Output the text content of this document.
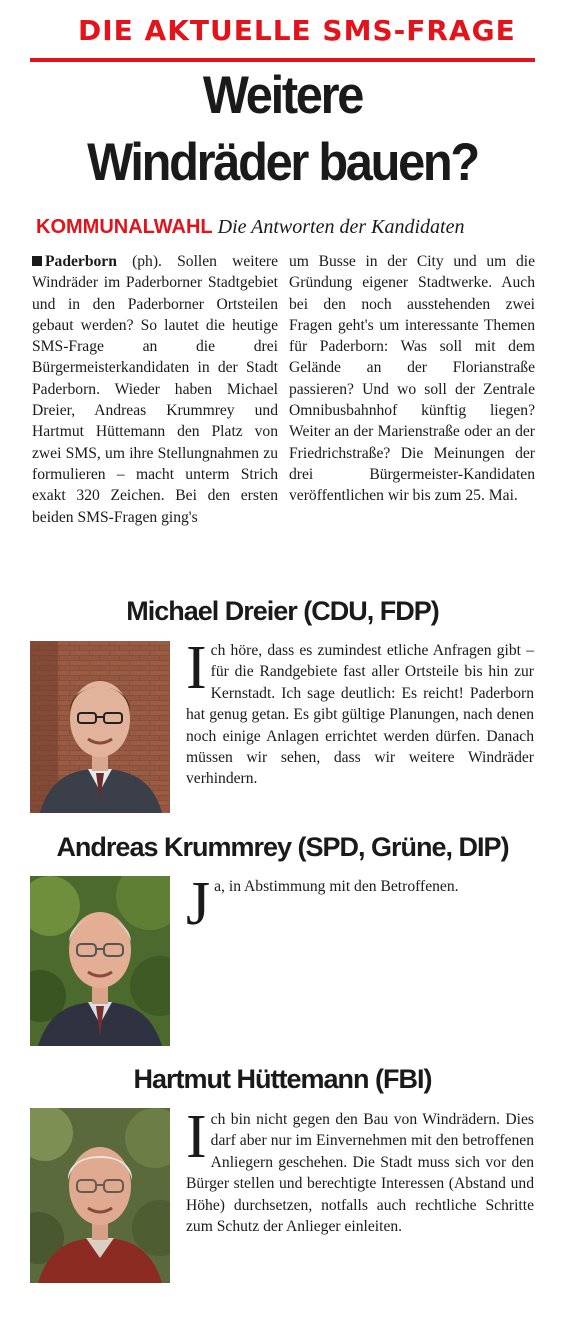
DIE AKTUELLE SMS-FRAGE
Weitere
Windräder bauen?
KOMMUNALWAHL Die Antworten der Kandidaten
Paderborn (ph). Sollen weitere Windräder im Paderborner Stadtgebiet und in den Paderborner Ortsteilen gebaut werden? So lautet die heutige SMS-Frage an die drei Bürgermeisterkandidaten in der Stadt Paderborn. Wieder haben Michael Dreier, Andreas Krummrey und Hartmut Hüttemann den Platz von zwei SMS, um ihre Stellungnahmen zu formulieren – macht unterm Strich exakt 320 Zeichen. Bei den ersten beiden SMS-Fragen ging's
um Busse in der City und um die Gründung eigener Stadtwerke. Auch bei den noch ausstehenden zwei Fragen geht's um interessante Themen für Paderborn: Was soll mit dem Gelände an der Florianstraße passieren? Und wo soll der Zentrale Omnibusbahnhof künftig liegen? Weiter an der Marienstraße oder an der Friedrichstraße? Die Meinungen der drei Bürgermeister-Kandidaten veröffentlichen wir bis zum 25. Mai.
Michael Dreier (CDU, FDP)
Ich höre, dass es zumindest etliche Anfragen gibt – für die Randgebiete fast aller Ortsteile bis hin zur Kernstadt. Ich sage deutlich: Es reicht! Paderborn hat genug getan. Es gibt gültige Planungen, nach denen noch einige Anlagen errichtet werden dürfen. Danach müssen wir sehen, dass wir weitere Windräder verhindern.
Andreas Krummrey (SPD, Grüne, DIP)
Ja, in Abstimmung mit den Betroffenen.
Hartmut Hüttemann (FBI)
Ich bin nicht gegen den Bau von Windrädern. Dies darf aber nur im Einvernehmen mit den betroffenen Anliegern geschehen. Die Stadt muss sich vor den Bürger stellen und berechtigte Interessen (Abstand und Höhe) durchsetzen, notfalls auch rechtliche Schritte zum Schutz der Anlieger einleiten.
